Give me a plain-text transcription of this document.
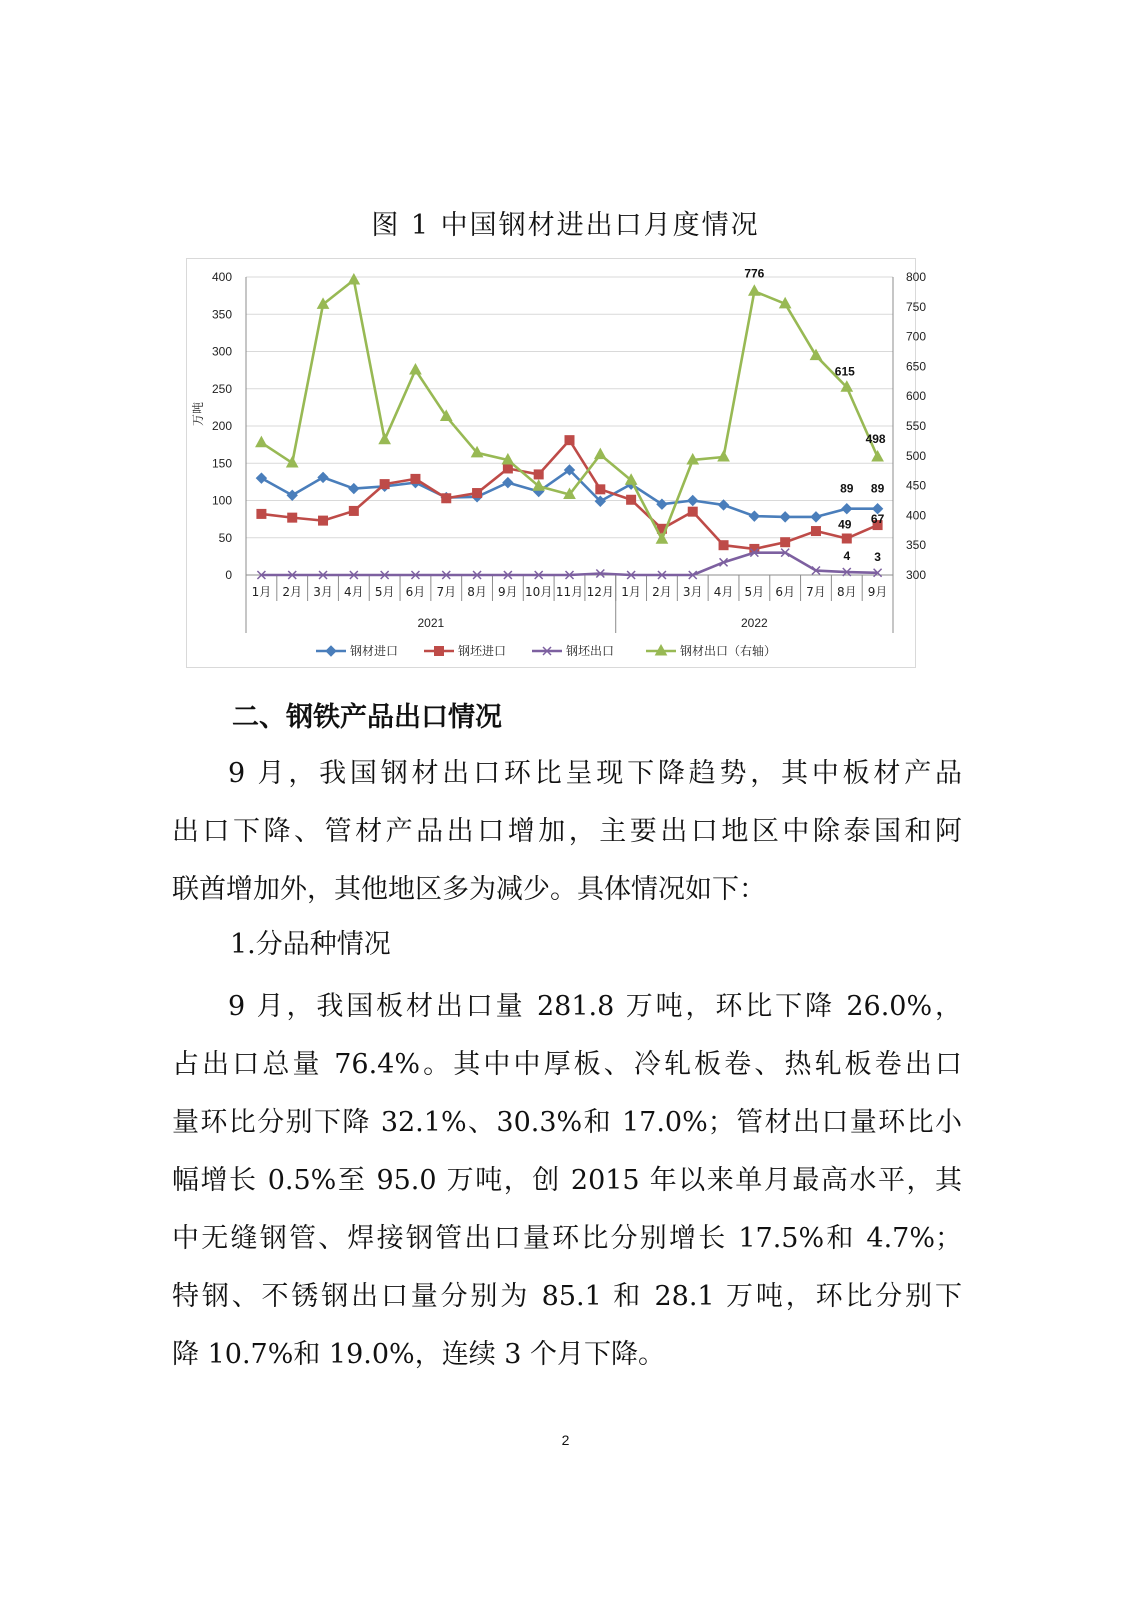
图 1 中国钢材进出口月度情况
0
50
100
150
200
250
300
350
400
300
350
400
450
500
550
600
650
700
750
800
万吨
1月 2月 3月 4月 5月 6月 7月 8月 9月 10月 11月 12月 1月 2月 3月 4月 5月 6月 7月 8月 9月
2021	2022
776
615
498
89 89
49 67
4 3
钢材进口	钢坯进口	钢坯出口	钢材出口（右轴）
二、钢铁产品出口情况
9 月，我国钢材出口环比呈现下降趋势，其中板材产品
出口下降、管材产品出口增加，主要出口地区中除泰国和阿
联酋增加外，其他地区多为减少。具体情况如下：
1.分品种情况
9 月，我国板材出口量 281.8 万吨，环比下降 26.0%，
占出口总量 76.4%。其中中厚板、冷轧板卷、热轧板卷出口
量环比分别下降 32.1%、30.3%和 17.0%；管材出口量环比小
幅增长 0.5%至 95.0 万吨，创 2015 年以来单月最高水平，其
中无缝钢管、焊接钢管出口量环比分别增长 17.5%和 4.7%；
特钢、不锈钢出口量分别为 85.1 和 28.1 万吨，环比分别下
降 10.7%和 19.0%，连续 3 个月下降。
2
